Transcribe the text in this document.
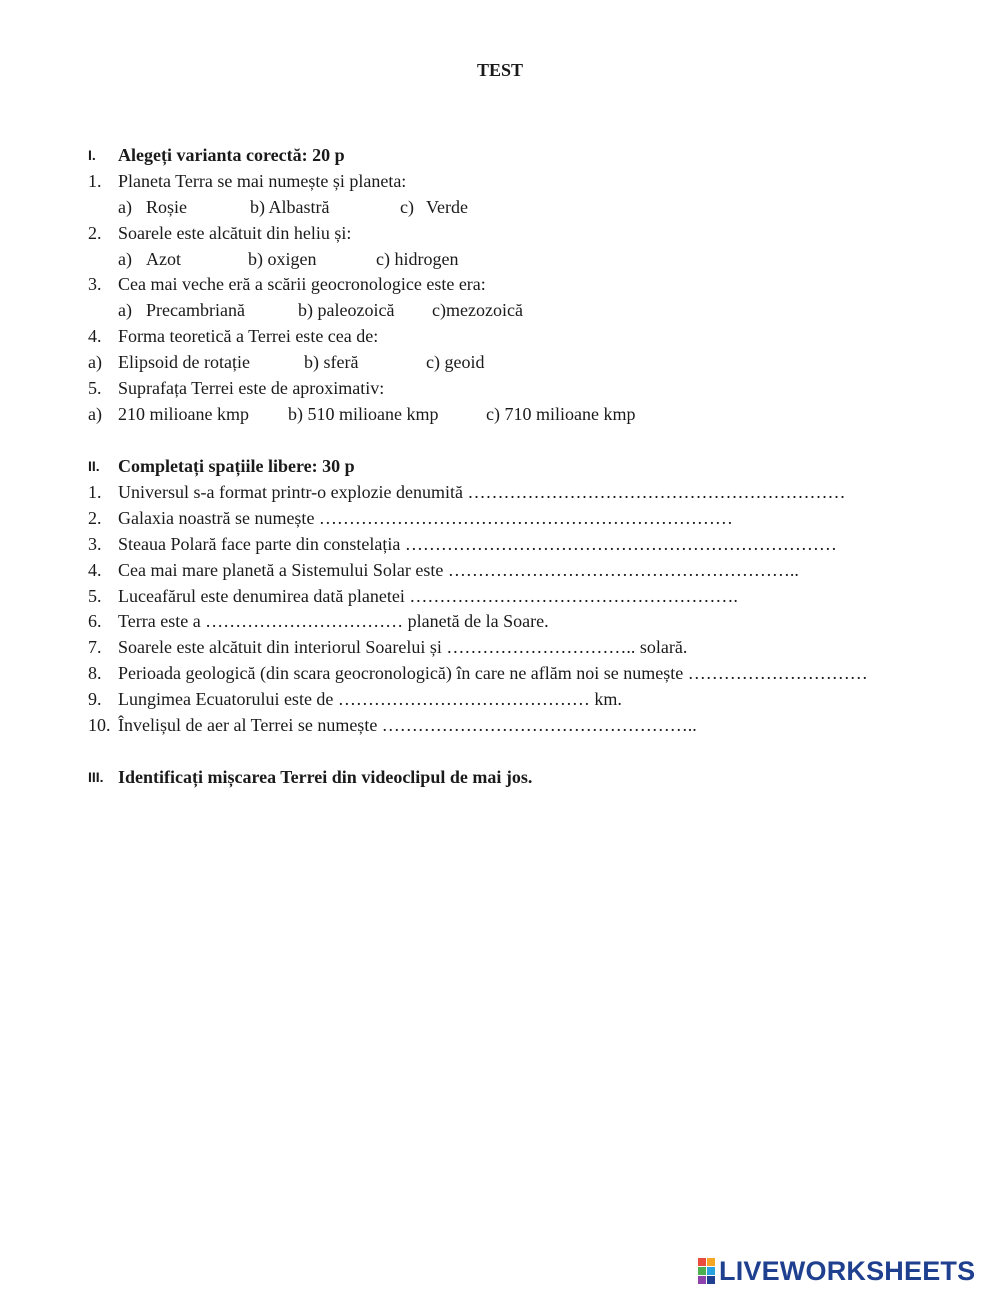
TEST
I. Alegeți varianta corectă: 20 p
1. Planeta Terra se mai numește și planeta:
a) Roșie	b) Albastră	c) Verde
2. Soarele este alcătuit din heliu și:
a) Azot	b) oxigen	c) hidrogen
3. Cea mai veche eră a scării geocronologice este era:
a) Precambriană	b) paleozoică c)mezozoică
4. Forma teoretică a Terrei este cea de:
a) Elipsoid de rotație	b) sferă	c) geoid
5. Suprafața Terrei este de aproximativ:
a) 210 milioane kmp b) 510 milioane kmp	c) 710 milioane kmp
II. Completați spațiile libere: 30 p
1. Universul s-a format printr-o explozie denumită ………………………………………………………
2. Galaxia noastră se numește ……………………………………………………………
3. Steaua Polară face parte din constelația ………………………………………………………………
4. Cea mai mare planetă a Sistemului Solar este …………………………………………………..
5. Luceafărul este denumirea dată planetei ……………………………………………….
6. Terra este a …………………………… planetă de la Soare.
7. Soarele este alcătuit din interiorul Soarelui și ………………………….. solară.
8. Perioada geologică (din scara geocronologică) în care ne aflăm noi se numește …………………………
9. Lungimea Ecuatorului este de …………………………………… km.
10. Învelișul de aer al Terrei se numește ……………………………………………..
III. Identificați mișcarea Terrei din videoclipul de mai jos.
LIVEWORKSHEETS
